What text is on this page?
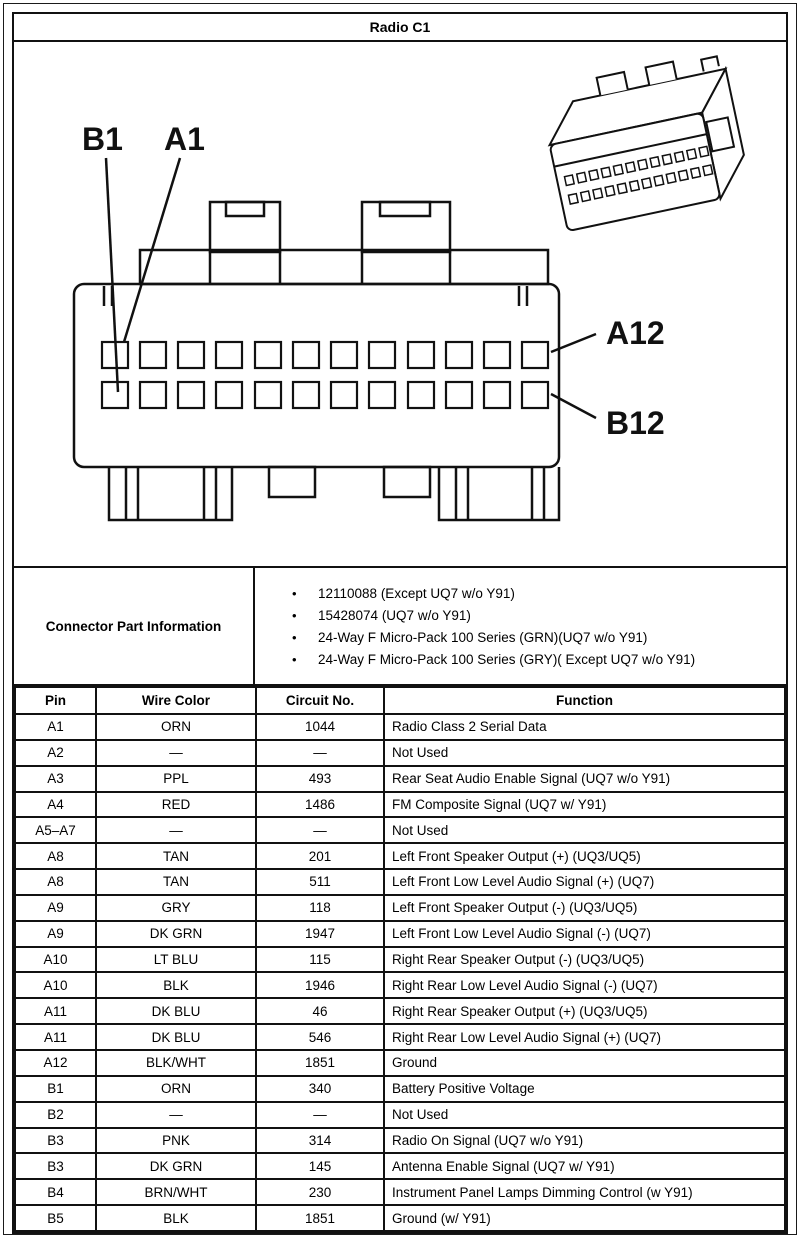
Radio C1
B1 A1
A12
B12
Connector Part Information
•	12110088 (Except UQ7 w/o Y91)
•	15428074 (UQ7 w/o Y91)
•	24-Way F Micro-Pack 100 Series (GRN)(UQ7 w/o Y91)
•	24-Way F Micro-Pack 100 Series (GRY)( Except UQ7 w/o Y91)
Pin	Wire Color	Circuit No.	Function
A1	ORN	1044	Radio Class 2 Serial Data
A2	—	—	Not Used
A3	PPL	493	Rear Seat Audio Enable Signal (UQ7 w/o Y91)
A4	RED	1486	FM Composite Signal (UQ7 w/ Y91)
A5–A7	—	—	Not Used
A8	TAN	201	Left Front Speaker Output (+) (UQ3/UQ5)
A8	TAN	511	Left Front Low Level Audio Signal (+) (UQ7)
A9	GRY	118	Left Front Speaker Output (-) (UQ3/UQ5)
A9	DK GRN	1947	Left Front Low Level Audio Signal (-) (UQ7)
A10	LT BLU	115	Right Rear Speaker Output (-) (UQ3/UQ5)
A10	BLK	1946	Right Rear Low Level Audio Signal (-) (UQ7)
A11	DK BLU	46	Right Rear Speaker Output (+) (UQ3/UQ5)
A11	DK BLU	546	Right Rear Low Level Audio Signal (+) (UQ7)
A12	BLK/WHT	1851	Ground
B1	ORN	340	Battery Positive Voltage
B2	—	—	Not Used
B3	PNK	314	Radio On Signal (UQ7 w/o Y91)
B3	DK GRN	145	Antenna Enable Signal (UQ7 w/ Y91)
B4	BRN/WHT	230	Instrument Panel Lamps Dimming Control (w Y91)
B5	BLK	1851	Ground (w/ Y91)
